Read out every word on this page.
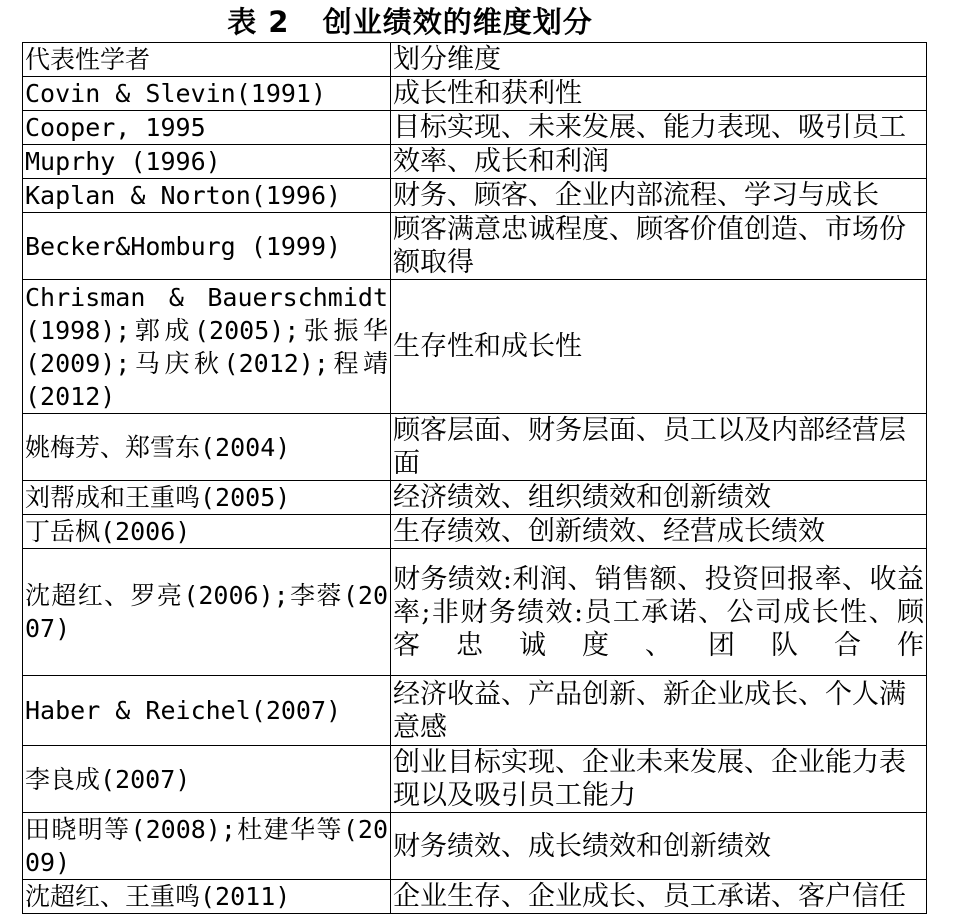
表 2   创业绩效的维度划分
代表性学者	划分维度
Covin & Slevin(1991)	成长性和获利性
Cooper, 1995	目标实现、未来发展、能力表现、吸引员工
Muprhy (1996)	效率、成长和利润
Kaplan & Norton(1996)	财务、顾客、企业内部流程、学习与成长
Becker&Homburg (1999)	顾客满意忠诚程度、顾客价值创造、市场份额取得
Chrisman & Bauerschmidt (1998);郭成(2005);张振华(2009);马庆秋(2012);程靖(2012)	生存性和成长性
姚梅芳、郑雪东(2004)	顾客层面、财务层面、员工以及内部经营层面
刘帮成和王重鸣(2005)	经济绩效、组织绩效和创新绩效
丁岳枫(2006)	生存绩效、创新绩效、经营成长绩效
沈超红、罗亮(2006);李蓉(2007)	财务绩效:利润、销售额、投资回报率、收益率;非财务绩效:员工承诺、公司成长性、顾客忠诚度、团队合作
Haber & Reichel(2007)	经济收益、产品创新、新企业成长、个人满意感
李良成(2007)	创业目标实现、企业未来发展、企业能力表现以及吸引员工能力
田晓明等(2008);杜建华等(2009)	财务绩效、成长绩效和创新绩效
沈超红、王重鸣(2011)	企业生存、企业成长、员工承诺、客户信任
